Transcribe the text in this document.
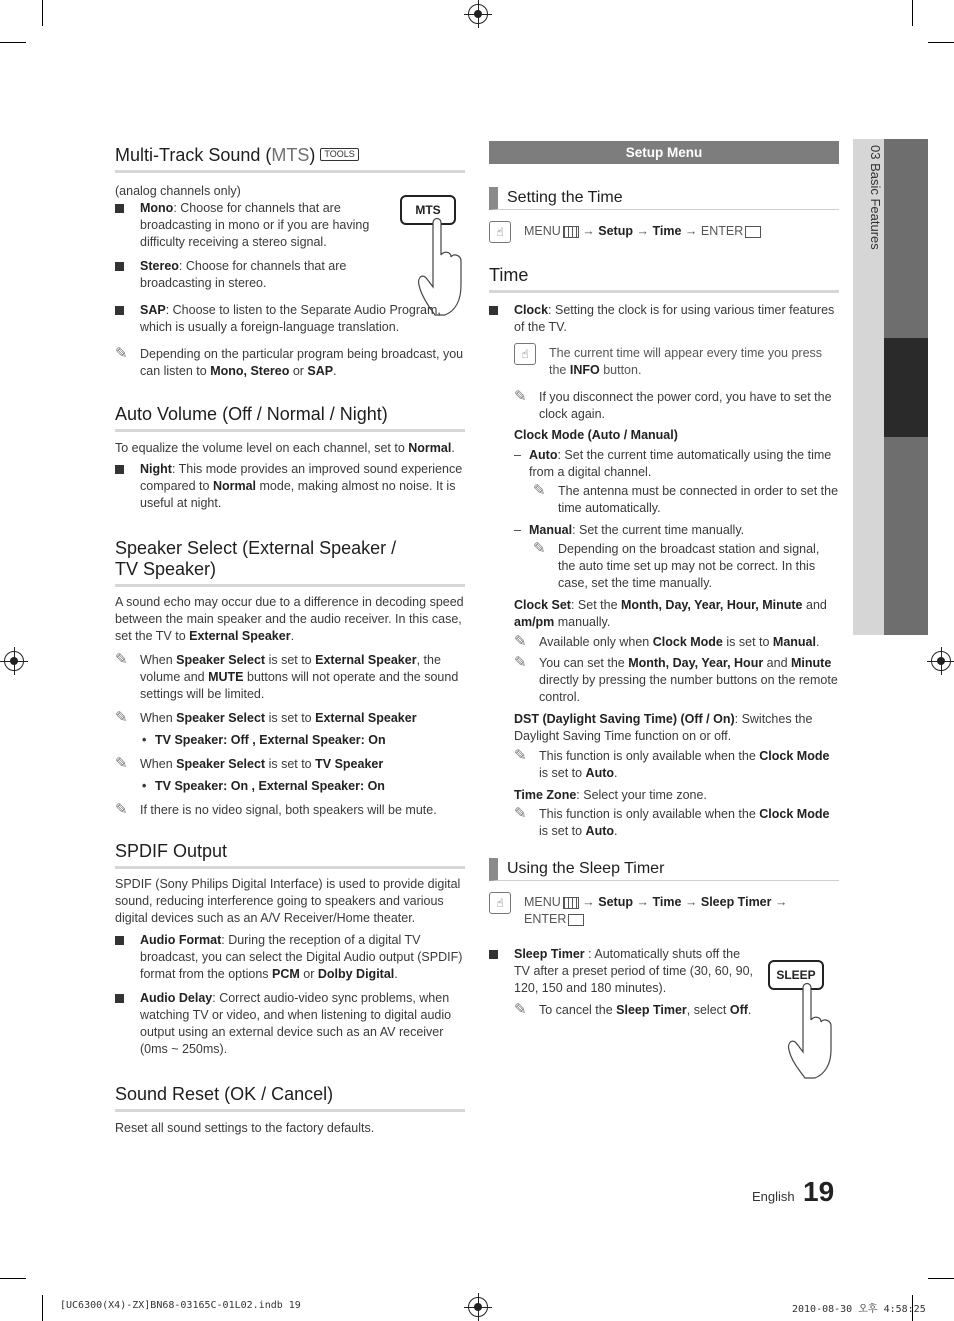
03 Basic Features
Multi-Track Sound (MTS) TOOLS
MTS

(analog channels only)

Mono: Choose for channels that are broadcasting in mono or if you are having difficulty receiving a stereo signal.
Stereo: Choose for channels that are broadcasting in stereo.
SAP: Choose to listen to the Separate Audio Program, which is usually a foreign-language translation.
✎ Depending on the particular program being broadcast, you can listen to Mono, Stereo or SAP.
Auto Volume (Off / Normal / Night)

To equalize the volume level on each channel, set to Normal.

Night: This mode provides an improved sound experience compared to Normal mode, making almost no noise. It is useful at night.
Speaker Select (External Speaker /
TV Speaker)

A sound echo may occur due to a difference in decoding speed between the main speaker and the audio receiver. In this case, set the TV to External Speaker.

✎ When Speaker Select is set to External Speaker, the volume and MUTE buttons will not operate and the sound settings will be limited.
✎ When Speaker Select is set to External Speaker
• TV Speaker: Off , External Speaker: On
✎ When Speaker Select is set to TV Speaker
• TV Speaker: On , External Speaker: On
✎ If there is no video signal, both speakers will be mute.
SPDIF Output

SPDIF (Sony Philips Digital Interface) is used to provide digital sound, reducing interference going to speakers and various digital devices such as an A/V Receiver/Home theater.

Audio Format: During the reception of a digital TV broadcast, you can select the Digital Audio output (SPDIF) format from the options PCM or Dolby Digital.
Audio Delay: Correct audio-video sync problems, when watching TV or video, and when listening to digital audio output using an external device such as an AV receiver (0ms ~ 250ms).
Sound Reset (OK / Cancel)

Reset all sound settings to the factory defaults.

Setup Menu
Setting the Time
☝	MENU → Setup → Time → ENTER
Time
Clock: Setting the clock is for using various timer features of the TV.
☝	The current time will appear every time you press the INFO button.
✎ If you disconnect the power cord, you have to set the clock again.

Clock Mode (Auto / Manual)

– Auto: Set the current time automatically using the time from a digital channel.
✎ The antenna must be connected in order to set the time automatically.
– Manual: Set the current time manually.
✎ Depending on the broadcast station and signal, the auto time set up may not be correct. In this case, set the time manually.

Clock Set: Set the Month, Day, Year, Hour, Minute and am/pm manually.

✎ Available only when Clock Mode is set to Manual.
✎ You can set the Month, Day, Year, Hour and Minute directly by pressing the number buttons on the remote control.

DST (Daylight Saving Time) (Off / On): Switches the Daylight Saving Time function on or off.

✎ This function is only available when the Clock Mode is set to Auto.

Time Zone: Select your time zone.

✎ This function is only available when the Clock Mode is set to Auto.
Using the Sleep Timer
☝	MENU → Setup → Time → Sleep Timer →
ENTER
SLEEP
Sleep Timer : Automatically shuts off the TV after a preset period of time (30, 60, 90, 120, 150 and 180 minutes).
✎ To cancel the Sleep Timer, select Off.
English 19
[UC6300(X4)-ZX]BN68-03165C-01L02.indb 19	2010-08-30 오후 4:58:25
